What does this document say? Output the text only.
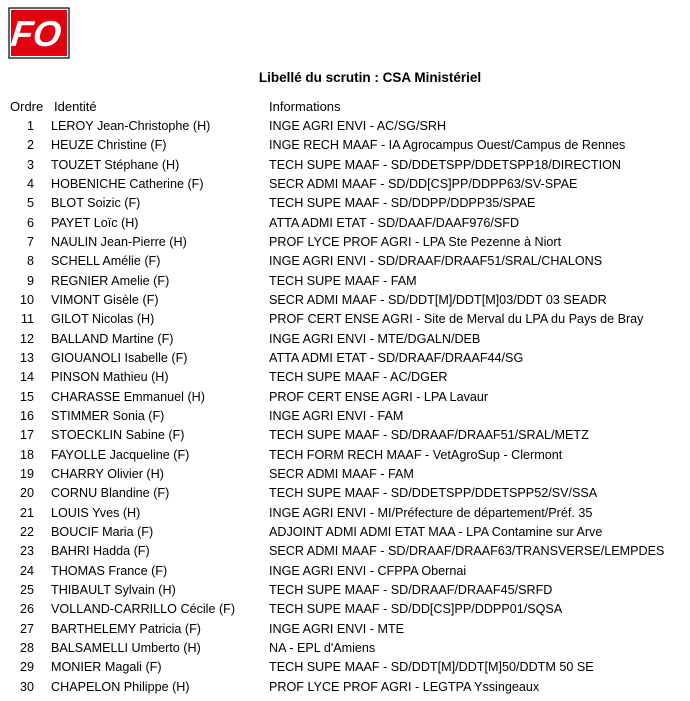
FO
Libellé du scrutin : CSA Ministériel
Ordre Identité	Informations
1 LEROY Jean-Christophe (H)	INGE AGRI ENVI - AC/SG/SRH
2 HEUZE Christine (F)	INGE RECH MAAF - IA Agrocampus Ouest/Campus de Rennes
3 TOUZET Stéphane (H)	TECH SUPE MAAF - SD/DDETSPP/DDETSPP18/DIRECTION
4 HOBENICHE Catherine (F)	SECR ADMI MAAF - SD/DD[CS]PP/DDPP63/SV-SPAE
5 BLOT Soizic (F)	TECH SUPE MAAF - SD/DDPP/DDPP35/SPAE
6 PAYET Loïc (H)	ATTA ADMI ETAT - SD/DAAF/DAAF976/SFD
7 NAULIN Jean-Pierre (H)	PROF LYCE PROF AGRI - LPA Ste Pezenne à Niort
8 SCHELL Amélie (F)	INGE AGRI ENVI - SD/DRAAF/DRAAF51/SRAL/CHALONS
9 REGNIER Amelie (F)	TECH SUPE MAAF - FAM
10 VIMONT Gisèle (F)	SECR ADMI MAAF - SD/DDT[M]/DDT[M]03/DDT 03 SEADR
11 GILOT Nicolas (H)	PROF CERT ENSE AGRI - Site de Merval du LPA du Pays de Bray
12 BALLAND Martine (F)	INGE AGRI ENVI - MTE/DGALN/DEB
13 GIOUANOLI Isabelle (F)	ATTA ADMI ETAT - SD/DRAAF/DRAAF44/SG
14 PINSON Mathieu (H)	TECH SUPE MAAF - AC/DGER
15 CHARASSE Emmanuel (H)	PROF CERT ENSE AGRI - LPA Lavaur
16 STIMMER Sonia (F)	INGE AGRI ENVI - FAM
17 STOECKLIN Sabine (F)	TECH SUPE MAAF - SD/DRAAF/DRAAF51/SRAL/METZ
18 FAYOLLE Jacqueline (F)	TECH FORM RECH MAAF - VetAgroSup - Clermont
19 CHARRY Olivier (H)	SECR ADMI MAAF - FAM
20 CORNU Blandine (F)	TECH SUPE MAAF - SD/DDETSPP/DDETSPP52/SV/SSA
21 LOUIS Yves (H)	INGE AGRI ENVI - MI/Préfecture de département/Préf. 35
22 BOUCIF Maria (F)	ADJOINT ADMI ADMI ETAT MAA - LPA Contamine sur Arve
23 BAHRI Hadda (F)	SECR ADMI MAAF - SD/DRAAF/DRAAF63/TRANSVERSE/LEMPDES
24 THOMAS France (F)	INGE AGRI ENVI - CFPPA Obernai
25 THIBAULT Sylvain (H)	TECH SUPE MAAF - SD/DRAAF/DRAAF45/SRFD
26 VOLLAND-CARRILLO Cécile (F)	TECH SUPE MAAF - SD/DD[CS]PP/DDPP01/SQSA
27 BARTHELEMY Patricia (F)	INGE AGRI ENVI - MTE
28 BALSAMELLI Umberto (H)	NA - EPL d'Amiens
29 MONIER Magali (F)	TECH SUPE MAAF - SD/DDT[M]/DDT[M]50/DDTM 50 SE
30 CHAPELON Philippe (H)	PROF LYCE PROF AGRI - LEGTPA Yssingeaux
